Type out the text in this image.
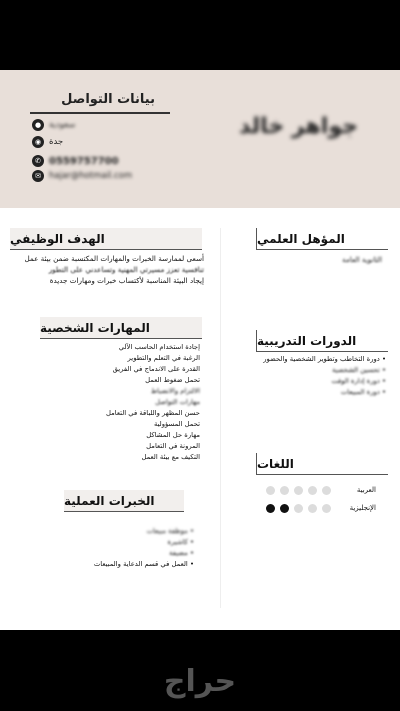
بيانات التواصل
● سعودية
◉ جدة
✆ 0559757700
✉ hajar@hotmail.com
جواهر خالد
الهدف الوظيفي
أسعى لممارسة الخبرات والمهارات المكتسبة ضمن بيئة عمل
تنافسية تعزز مسيرتي المهنية وتساعدني على التطور
إيجاد البيئة المناسبة لأكتساب خبرات ومهارات جديدة
المؤهل العلمي
الثانوية العامة
المهارات الشخصية
إجادة استخدام الحاسب الآلي
الرغبة في التعلم والتطوير
القدرة على الاندماج في الفريق
تحمل ضغوط العمل
الالتزام والانضباط
مهارات التواصل
حسن المظهر واللباقة في التعامل
تحمل المسؤولية
مهارة حل المشاكل
المرونة في التعامل
التكيف مع بيئة العمل
الدورات التدريبية
• دورة التخاطب وتطوير الشخصية والحضور
• تحسين الشخصية
• دورة إدارة الوقت
• دورة المبيعات
اللغات
العربية
الإنجليزية
الخبرات العملية
• موظفة مبيعات
• كاشيرة
• مضيفة
• العمل في قسم الدعاية والمبيعات
حراج
